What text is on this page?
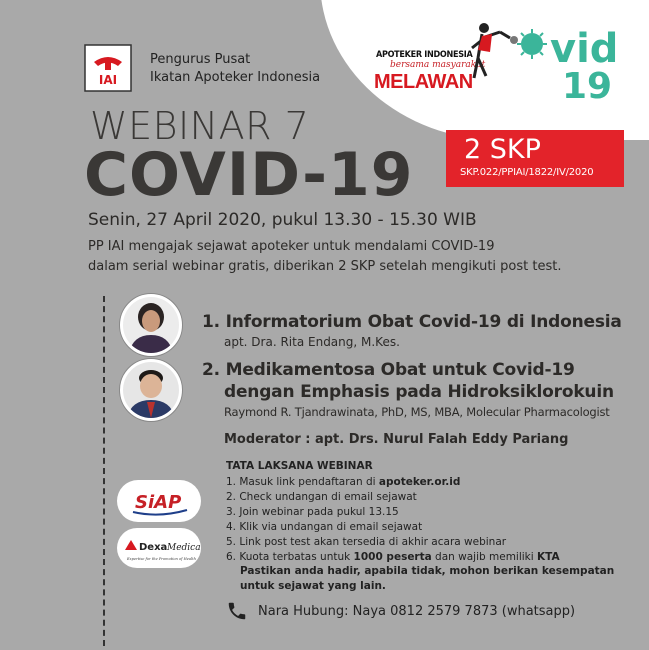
IAI
Pengurus Pusat
Ikatan Apoteker Indonesia
APOTEKER INDONESIA
bersama masyarakat
MELAWAN
vid
19
2 SKP
SKP.022/PPIAI/1822/IV/2020
WEBINAR 7
COVID-19
Senin, 27 April 2020, pukul 13.30 - 15.30 WIB
PP IAI mengajak sejawat apoteker untuk mendalami COVID-19
dalam serial webinar gratis, diberikan 2 SKP setelah mengikuti post test.
1. Informatorium Obat Covid-19 di Indonesia
apt. Dra. Rita Endang, M.Kes.
2. Medikamentosa Obat untuk Covid-19
dengan Emphasis pada Hidroksiklorokuin
Raymond R. Tjandrawinata, PhD, MS, MBA, Molecular Pharmacologist
Moderator : apt. Drs. Nurul Falah Eddy Pariang
TATA LAKSANA WEBINAR
1. Masuk link pendaftaran di apoteker.or.id
2. Check undangan di email sejawat
3. Join webinar pada pukul 13.15
4. Klik via undangan di email sejawat
5. Link post test akan tersedia di akhir acara webinar
6. Kuota terbatas untuk 1000 peserta dan wajib memiliki KTA
Pastikan anda hadir, apabila tidak, mohon berikan kesempatan
untuk sejawat yang lain.
SiAP
Dexa Medica
Expertise for the Promotion of Health
Nara Hubung: Naya 0812 2579 7873 (whatsapp)
